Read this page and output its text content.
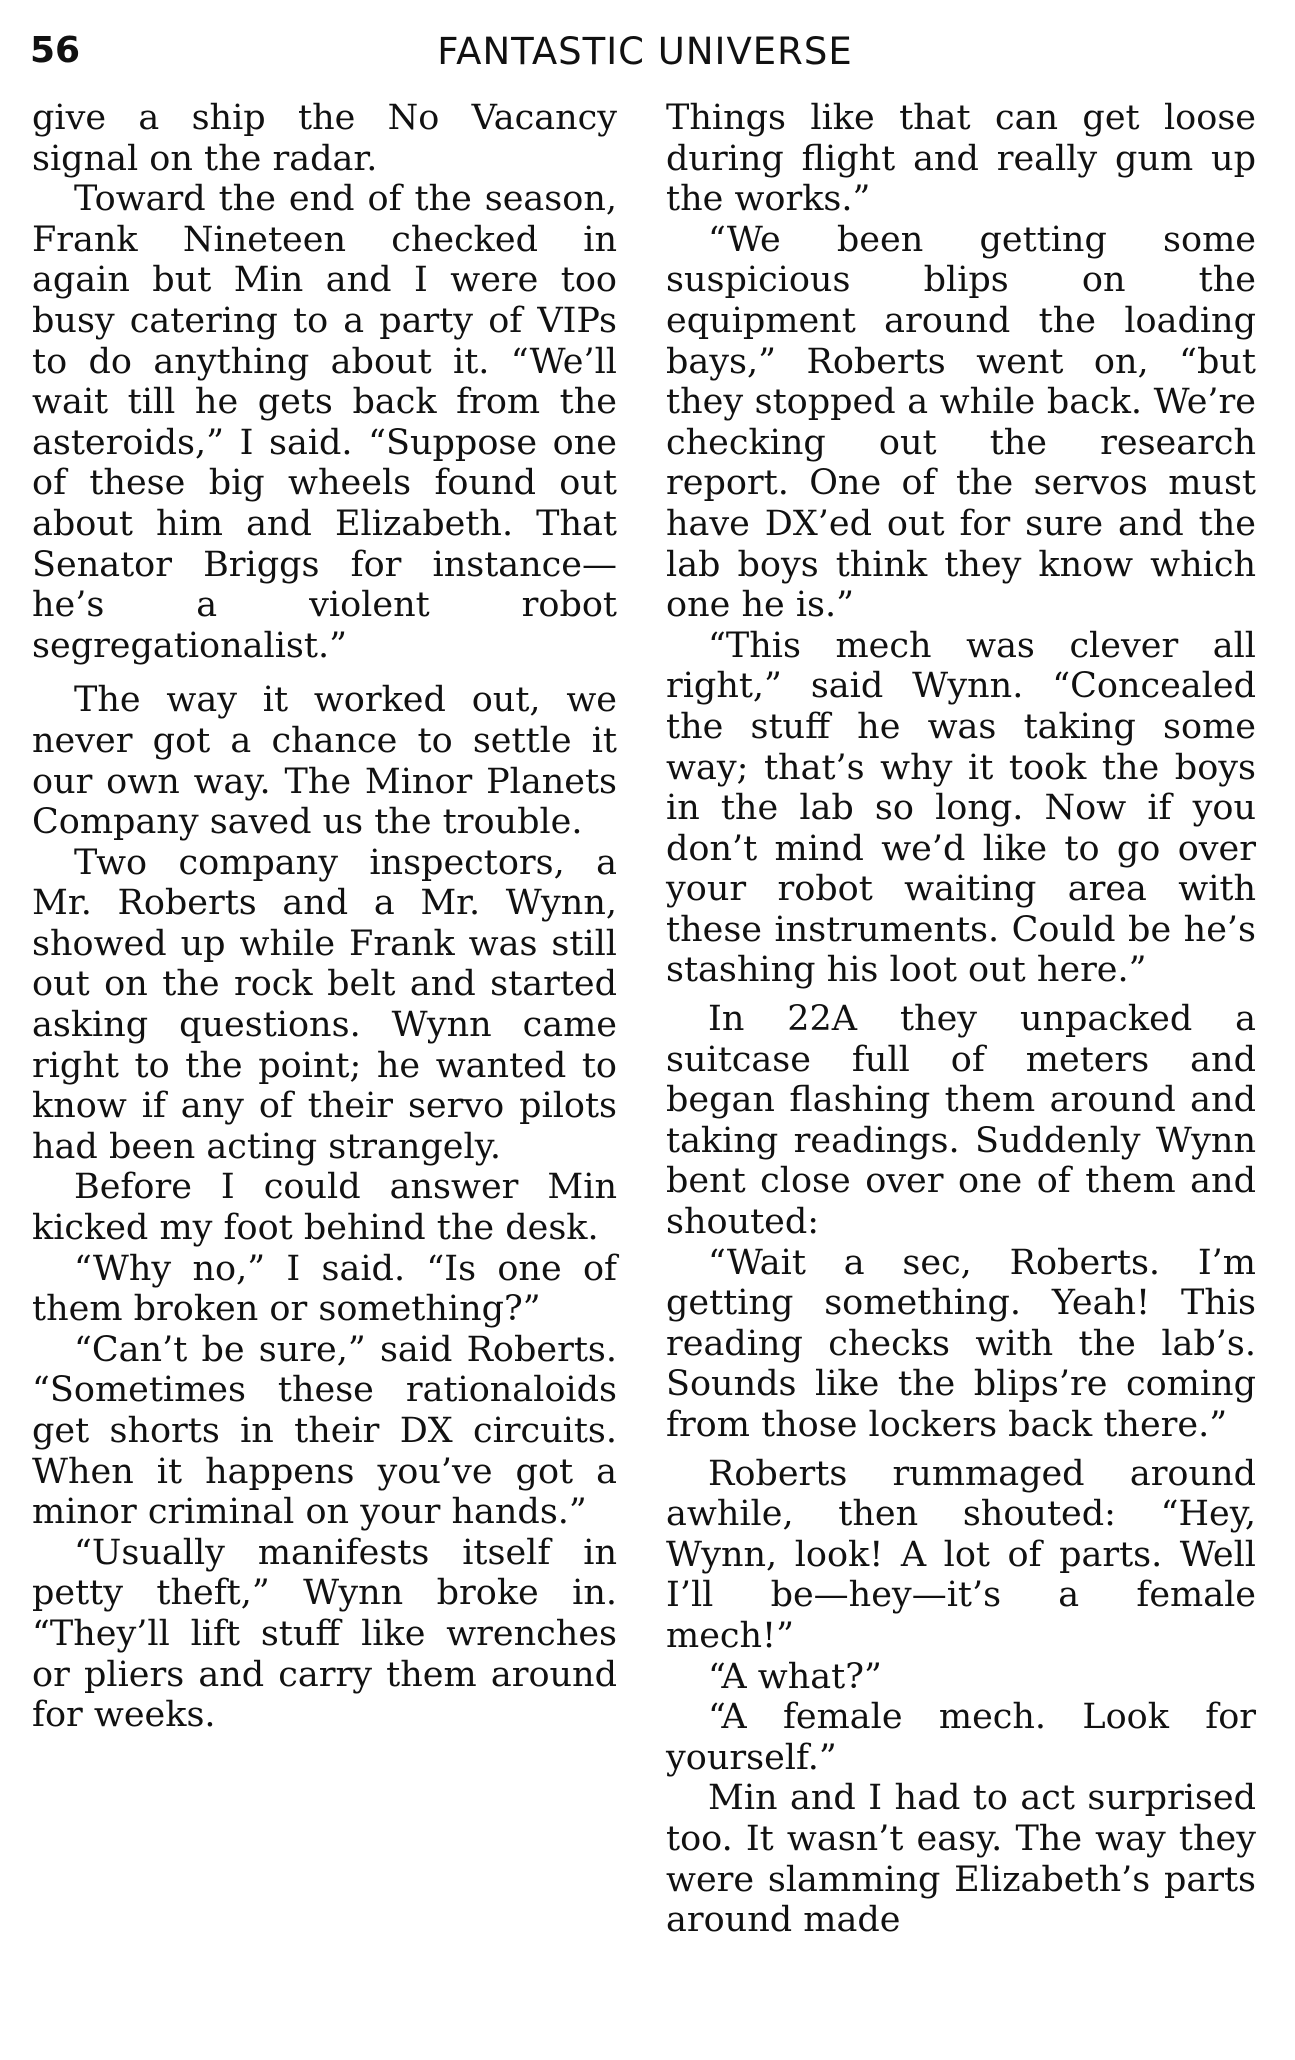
56	FANTASTIC UNIVERSE

give a ship the No Vacancy signal on the radar.

Toward the end of the season, Frank Nineteen checked in again but Min and I were too busy catering to a party of VIPs to do anything about it. “We’ll wait till he gets back from the asteroids,” I said. “Suppose one of these big wheels found out about him and Elizabeth. That Senator Briggs for instance—he’s a violent robot segregationalist.”

The way it worked out, we never got a chance to settle it our own way. The Minor Planets Company saved us the trouble.

Two company inspectors, a Mr. Roberts and a Mr. Wynn, showed up while Frank was still out on the rock belt and started asking questions. Wynn came right to the point; he wanted to know if any of their servo pilots had been acting strangely.

Before I could answer Min kicked my foot behind the desk.

“Why no,” I said. “Is one of them broken or something?”

“Can’t be sure,” said Roberts. “Sometimes these rationaloids get shorts in their DX circuits. When it happens you’ve got a minor criminal on your hands.”

“Usually manifests itself in petty theft,” Wynn broke in. “They’ll lift stuff like wrenches or pliers and carry them around for weeks.

Things like that can get loose during flight and really gum up the works.”

“We been getting some suspicious blips on the equipment around the loading bays,” Roberts went on, “but they stopped a while back. We’re checking out the research report. One of the servos must have DX’ed out for sure and the lab boys think they know which one he is.”

“This mech was clever all right,” said Wynn. “Concealed the stuff he was taking some way; that’s why it took the boys in the lab so long. Now if you don’t mind we’d like to go over your robot waiting area with these instruments. Could be he’s stashing his loot out here.”

In 22A they unpacked a suitcase full of meters and began flashing them around and taking readings. Suddenly Wynn bent close over one of them and shouted:

“Wait a sec, Roberts. I’m getting something. Yeah! This reading checks with the lab’s. Sounds like the blips’re coming from those lockers back there.”

Roberts rummaged around awhile, then shouted: “Hey, Wynn, look! A lot of parts. Well I’ll be—hey—it’s a female mech!”

“A what?”

“A female mech. Look for yourself.”

Min and I had to act surprised too. It wasn’t easy. The way they were slamming Elizabeth’s parts around made
